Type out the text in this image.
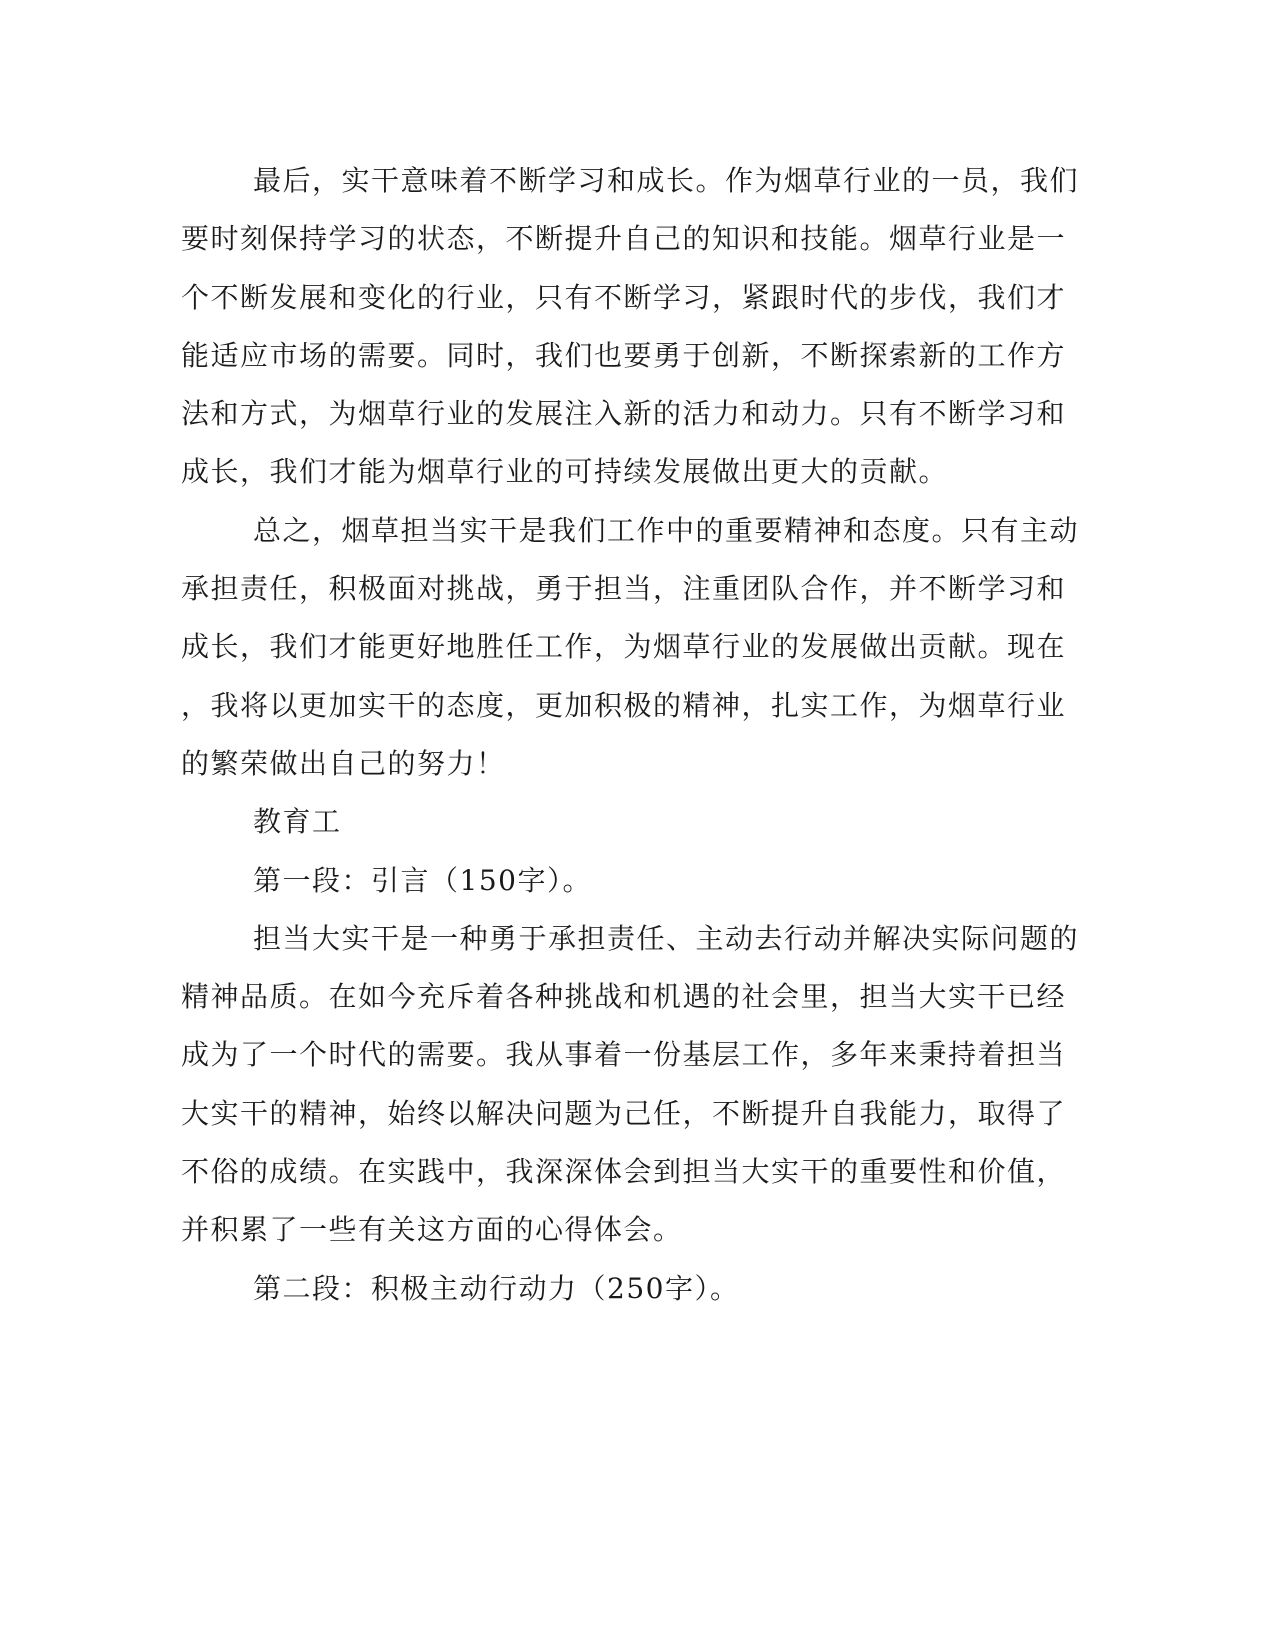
最后，实干意味着不断学习和成长。作为烟草行业的一员，我们
要时刻保持学习的状态，不断提升自己的知识和技能。烟草行业是一
个不断发展和变化的行业，只有不断学习，紧跟时代的步伐，我们才
能适应市场的需要。同时，我们也要勇于创新，不断探索新的工作方
法和方式，为烟草行业的发展注入新的活力和动力。只有不断学习和
成长，我们才能为烟草行业的可持续发展做出更大的贡献。
总之，烟草担当实干是我们工作中的重要精神和态度。只有主动
承担责任，积极面对挑战，勇于担当，注重团队合作，并不断学习和
成长，我们才能更好地胜任工作，为烟草行业的发展做出贡献。现在
，我将以更加实干的态度，更加积极的精神，扎实工作，为烟草行业
的繁荣做出自己的努力！
教育工
第一段：引言（150字）。
担当大实干是一种勇于承担责任、主动去行动并解决实际问题的
精神品质。在如今充斥着各种挑战和机遇的社会里，担当大实干已经
成为了一个时代的需要。我从事着一份基层工作，多年来秉持着担当
大实干的精神，始终以解决问题为己任，不断提升自我能力，取得了
不俗的成绩。在实践中，我深深体会到担当大实干的重要性和价值，
并积累了一些有关这方面的心得体会。
第二段：积极主动行动力（250字）。
